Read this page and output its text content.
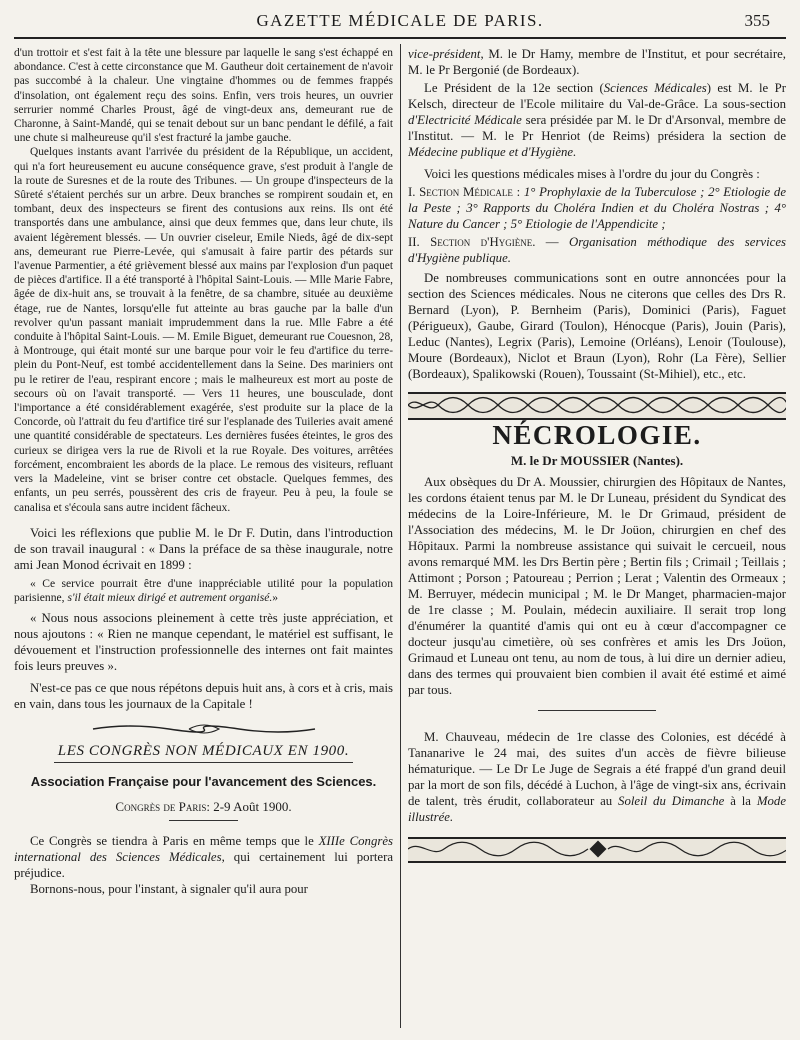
GAZETTE MÉDICALE DE PARIS.	355

d'un trottoir et s'est fait à la tête une blessure par laquelle le sang s'est échappé en abondance. C'est à cette circonstance que M. Gautheur doit certainement de n'avoir pas succombé à la chaleur. Une vingtaine d'hommes ou de femmes frappés d'insolation, ont également reçu des soins. Enfin, vers trois heures, un ouvrier serrurier nommé Charles Proust, âgé de vingt-deux ans, demeurant rue de Charonne, à Saint-Mandé, qui se tenait debout sur un banc pendant le défilé, a fait une chute si malheureuse qu'il s'est fracturé la jambe gauche.

Quelques instants avant l'arrivée du président de la République, un accident, qui n'a fort heureusement eu aucune conséquence grave, s'est produit à l'angle de la route de Suresnes et de la route des Tribunes. — Un groupe d'inspecteurs de la Sûreté s'étaient perchés sur un arbre. Deux branches se rompirent soudain et, en tombant, deux des inspecteurs se firent des contusions aux reins. Ils ont été transportés dans une ambulance, ainsi que deux femmes que, dans leur chute, ils avaient légèrement blessés. — Un ouvrier ciseleur, Emile Nieds, âgé de dix-sept ans, demeurant rue Pierre-Levée, qui s'amusait à faire partir des pétards sur l'avenue Parmentier, a été grièvement blessé aux mains par l'explosion d'un paquet de pièces d'artifice. Il a été transporté à l'hôpital Saint-Louis. — Mlle Marie Fabre, âgée de dix-huit ans, se trouvait à la fenêtre, de sa chambre, située au deuxième étage, rue de Nantes, lorsqu'elle fut atteinte au bras gauche par la balle d'un revolver qu'un passant maniait imprudemment dans la rue. Mlle Fabre a été conduite à l'hôpital Saint-Louis. — M. Emile Biguet, demeurant rue Couesnon, 28, à Montrouge, qui était monté sur une barque pour voir le feu d'artifice du terre-plein du Pont-Neuf, est tombé accidentellement dans la Seine. Des mariniers ont pu le retirer de l'eau, respirant encore ; mais le malheureux est mort au poste de secours où on l'avait transporté. — Vers 11 heures, une bousculade, dont l'importance a été considérablement exagérée, s'est produite sur la place de la Concorde, où l'attrait du feu d'artifice tiré sur l'esplanade des Tuileries avait amené une quantité considérable de spectateurs. Les dernières fusées éteintes, le gros des curieux se dirigea vers la rue de Rivoli et la rue Royale. Des voitures, arrêtées forcément, encombraient les abords de la place. Le remous des visiteurs, refluant vers la Madeleine, vint se briser contre cet obstacle. Quelques femmes, des enfants, un peu serrés, poussèrent des cris de frayeur. Peu à peu, la foule se canalisa et s'écoula sans autre incident fâcheux.

Voici les réflexions que publie M. le Dr F. Dutin, dans l'introduction de son travail inaugural : « Dans la préface de sa thèse inaugurale, notre ami Jean Monod écrivait en 1899 :

« Ce service pourrait être d'une inappréciable utilité pour la population parisienne, s'il était mieux dirigé et autrement organisé.»

« Nous nous associons pleinement à cette très juste appréciation, et nous ajoutons : « Rien ne manque cependant, le matériel est suffisant, le dévouement et l'instruction professionnelle des internes ont fait maintes fois leurs preuves ».

N'est-ce pas ce que nous répétons depuis huit ans, à cors et à cris, mais en vain, dans tous les journaux de la Capitale !

LES CONGRÈS NON MÉDICAUX EN 1900.
Association Française pour l'avancement des Sciences.
Congrès de Paris: 2-9 Août 1900.

Ce Congrès se tiendra à Paris en même temps que le XIIIe Congrès international des Sciences Médicales, qui certainement lui portera préjudice.

Bornons-nous, pour l'instant, à signaler qu'il aura pour

vice-président, M. le Dr Hamy, membre de l'Institut, et pour secrétaire, M. le Pr Bergonié (de Bordeaux).

Le Président de la 12e section (Sciences Médicales) est M. le Pr Kelsch, directeur de l'Ecole militaire du Val-de-Grâce. La sous-section d'Electricité Médicale sera présidée par M. le Dr d'Arsonval, membre de l'Institut. — M. le Pr Henriot (de Reims) présidera la section de Médecine publique et d'Hygiène.

Voici les questions médicales mises à l'ordre du jour du Congrès :

I. Section Médicale : 1° Prophylaxie de la Tuberculose ; 2° Etiologie de la Peste ; 3° Rapports du Choléra Indien et du Choléra Nostras ; 4° Nature du Cancer ; 5° Etiologie de l'Appendicite ;

II. Section d'Hygiène. — Organisation méthodique des services d'Hygiène publique.

De nombreuses communications sont en outre annoncées pour la section des Sciences médicales. Nous ne citerons que celles des Drs R. Bernard (Lyon), P. Bernheim (Paris), Dominici (Paris), Faguet (Périgueux), Gaube, Girard (Toulon), Hénocque (Paris), Jouin (Paris), Leduc (Nantes), Legrix (Paris), Lemoine (Orléans), Lenoir (Toulouse), Moure (Bordeaux), Niclot et Braun (Lyon), Rohr (La Fère), Sellier (Bordeaux), Spalikowski (Rouen), Toussaint (St-Mihiel), etc., etc.

NÉCROLOGIE.
M. le Dr MOUSSIER (Nantes).

Aux obsèques du Dr A. Moussier, chirurgien des Hôpitaux de Nantes, les cordons étaient tenus par M. le Dr Luneau, président du Syndicat des médecins de la Loire-Inférieure, M. le Dr Grimaud, président de l'Association des médecins, M. le Dr Joüon, chirurgien en chef des Hôpitaux. Parmi la nombreuse assistance qui suivait le cercueil, nous avons remarqué MM. les Drs Bertin père ; Bertin fils ; Crimail ; Teillais ; Attimont ; Porson ; Patoureau ; Perrion ; Lerat ; Valentin des Ormeaux ; M. Berruyer, médecin municipal ; M. le Dr Manget, pharmacien-major de 1re classe ; M. Poulain, médecin auxiliaire. Il serait trop long d'énumérer la quantité d'amis qui ont eu à cœur d'accompagner ce docteur jusqu'au cimetière, où ses confrères et amis les Drs Joüon, Grimaud et Luneau ont tenu, au nom de tous, à lui dire un dernier adieu, dans des termes qui prouvaient bien combien il avait été estimé et aimé par tous.

M. Chauveau, médecin de 1re classe des Colonies, est décédé à Tananarive le 24 mai, des suites d'un accès de fièvre bilieuse hématurique. — Le Dr Le Juge de Segrais a été frappé d'un grand deuil par la mort de son fils, décédé à Luchon, à l'âge de vingt-six ans, écrivain de talent, très érudit, collaborateur au Soleil du Dimanche à la Mode illustrée.
